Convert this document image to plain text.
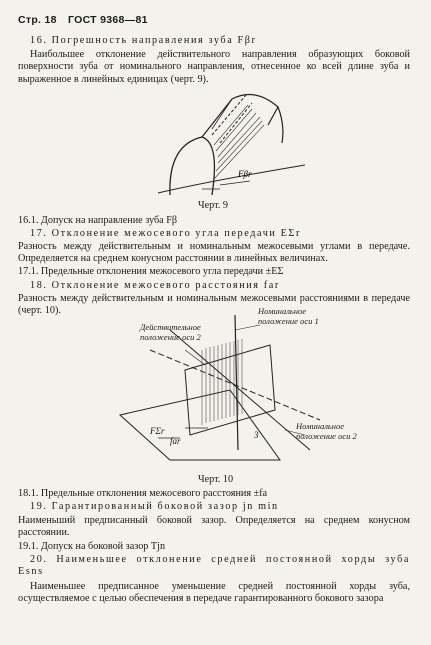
Стр. 18 ГОСТ 9368—81
16. Погрешность направления зуба Fβr
Наибольшее отклонение действительного направления образующих боковой поверхности зуба от номинального направления, отнесенное ко всей длине зуба и выраженное в линейных единицах (черт. 9).
Fβr
Черт. 9
16.1. Допуск на направление зуба Fβ
17. Отклонение межосевого угла передачи EΣr
Разность между действительным и номинальным межосевыми углами в передаче. Определяется на среднем конусном расстоянии в линейных величинах.
17.1. Предельные отклонения межосевого угла передачи ±EΣ
18. Отклонение межосевого расстояния far
Разность между действительным и номинальным межосевыми расстояниями в передаче (черт. 10).
Действительное положение оси 2
Номинальное положение оси 1
Номинальное положение оси 2
FΣr
far
3
Черт. 10
18.1. Предельные отклонения межосевого расстояния ±fa
19. Гарантированный боковой зазор jn min
Наименьший предписанный боковой зазор. Определяется на среднем конусном расстоянии.
19.1. Допуск на боковой зазор Tjn
20. Наименьшее отклонение средней постоянной хорды зуба Esns
Наименьшее предписанное уменьшение средней постоянной хорды зуба, осуществляемое с целью обеспечения в передаче гарантированного бокового зазора
